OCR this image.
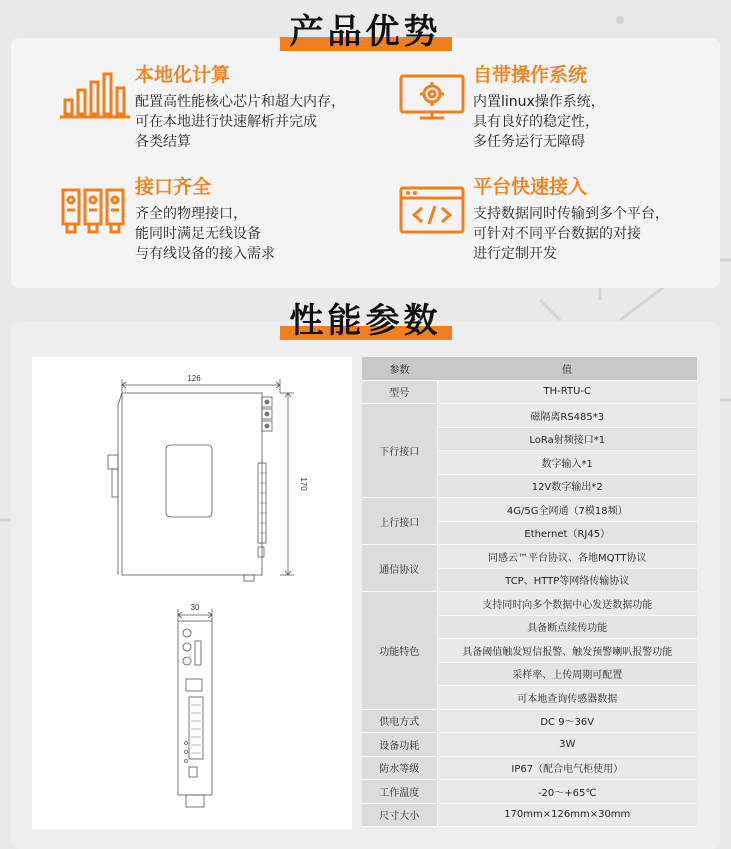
产品优势
本地化计算
配置高性能核心芯片和超大内存，
可在本地进行快速解析并完成
各类结算
自带操作系统
内置linux操作系统，
具有良好的稳定性，
多任务运行无障碍
接口齐全
齐全的物理接口，
能同时满足无线设备
与有线设备的接入需求
平台快速接入
支持数据同时传输到多个平台，
可针对不同平台数据的对接
进行定制开发
性能参数
126
170
30
参数	值
型号	TH-RTU-C
下行接口	磁隔离RS485*3
	LoRa射频接口*1
	数字输入*1
	12V数字输出*2
上行接口	4G/5G全网通（7模18频）
	Ethernet（RJ45）
通信协议	同感云™平台协议、各地MQTT协议
	TCP、HTTP等网络传输协议
功能特色	支持同时向多个数据中心发送数据功能
	具备断点续传功能
	具备阈值触发短信报警、触发预警喇叭报警功能
	采样率、上传周期可配置
	可本地查询传感器数据
供电方式	DC 9～36V
设备功耗	3W
防水等级	IP67（配合电气柜使用）
工作温度	-20～+65℃
尺寸大小	170mm×126mm×30mm
